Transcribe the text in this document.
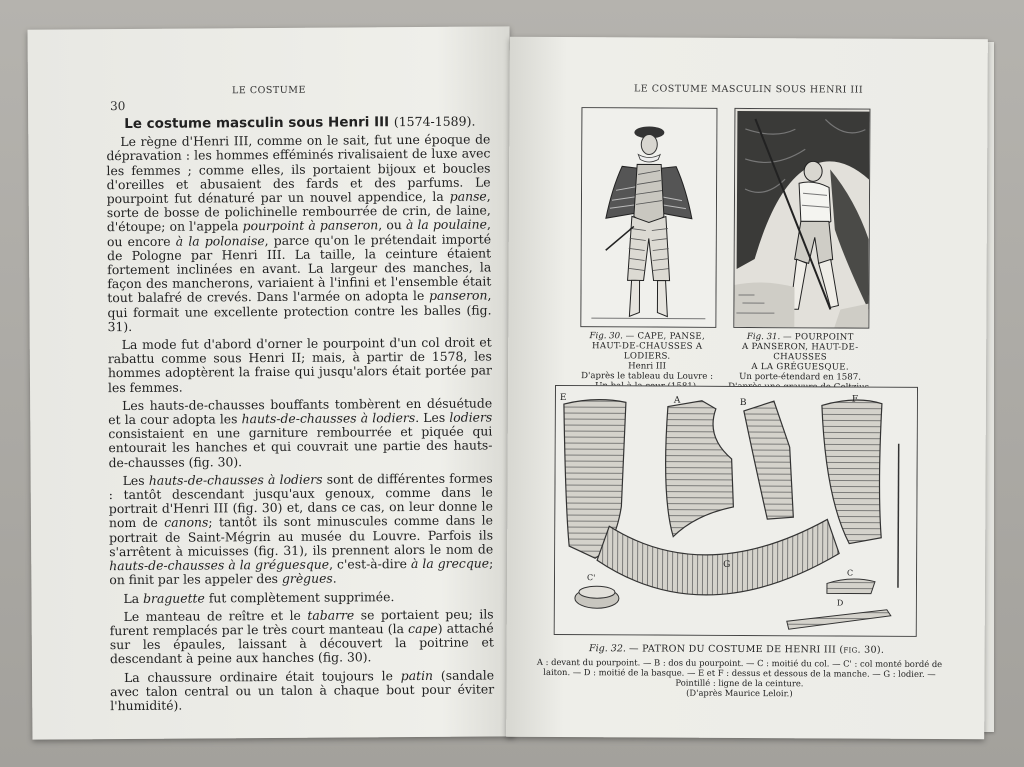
LE COSTUME
30
Le costume masculin sous Henri III (1574-1589).

Le règne d'Henri III, comme on le sait, fut une époque de dépravation : les hommes efféminés rivalisaient de luxe avec les femmes ; comme elles, ils portaient bijoux et boucles d'oreilles et abusaient des fards et des parfums. Le pourpoint fut dénaturé par un nouvel appendice, la panse, sorte de bosse de polichinelle rembourrée de crin, de laine, d'étoupe; on l'appela pourpoint à panseron, ou à la poulaine, ou encore à la polonaise, parce qu'on le prétendait importé de Pologne par Henri III. La taille, la ceinture étaient fortement inclinées en avant. La largeur des manches, la façon des mancherons, variaient à l'infini et l'ensemble était tout balafré de crevés. Dans l'armée on adopta le panseron, qui formait une excellente protection contre les balles (fig. 31).

La mode fut d'abord d'orner le pourpoint d'un col droit et rabattu comme sous Henri II; mais, à partir de 1578, les hommes adoptèrent la fraise qui jusqu'alors était portée par les femmes.

Les hauts-de-chausses bouffants tombèrent en désuétude et la cour adopta les hauts-de-chausses à lodiers. Les lodiers consistaient en une garniture rembourrée et piquée qui entourait les hanches et qui couvrait une partie des hauts-de-chausses (fig. 30).

Les hauts-de-chausses à lodiers sont de différentes formes : tantôt descendant jusqu'aux genoux, comme dans le portrait d'Henri III (fig. 30) et, dans ce cas, on leur donne le nom de canons; tantôt ils sont minuscules comme dans le portrait de Saint-Mégrin au musée du Louvre. Parfois ils s'arrêtent à micuisses (fig. 31), ils prennent alors le nom de hauts-de-chausses à la gréguesque, c'est-à-dire à la grecque; on finit par les appeler des grègues.

La braguette fut complètement supprimée.

Le manteau de reître et le tabarre se portaient peu; ils furent remplacés par le très court manteau (la cape) attaché sur les épaules, laissant à découvert la poitrine et descendant à peine aux hanches (fig. 30).

La chaussure ordinaire était toujours le patin (sandale avec talon central ou un talon à chaque bout pour éviter l'humidité).

LE COSTUME MASCULIN SOUS HENRI III
Fig. 30. — CAPE, PANSE,
HAUT-DE-CHAUSSES A LODIERS.
Henri III
D'après le tableau du Louvre :
Fig. 31. — POURPOINT
A PANSERON, HAUT-DE-CHAUSSES
A LA GRÉGUESQUE.
Un porte-étendard en 1587.
E	A	B	F
G
C'
C
D
Fig. 32. — PATRON DU COSTUME DE HENRI III (fig. 30).
A : devant du pourpoint. — B : dos du pourpoint. — C : moitié du col. — C' : col monté bordé de laiton. — D : moitié de la basque. — E et F : dessus et dessous de la manche. — G : lodier. — Pointillé : ligne de la ceinture.
(D'après Maurice Leloir.)
